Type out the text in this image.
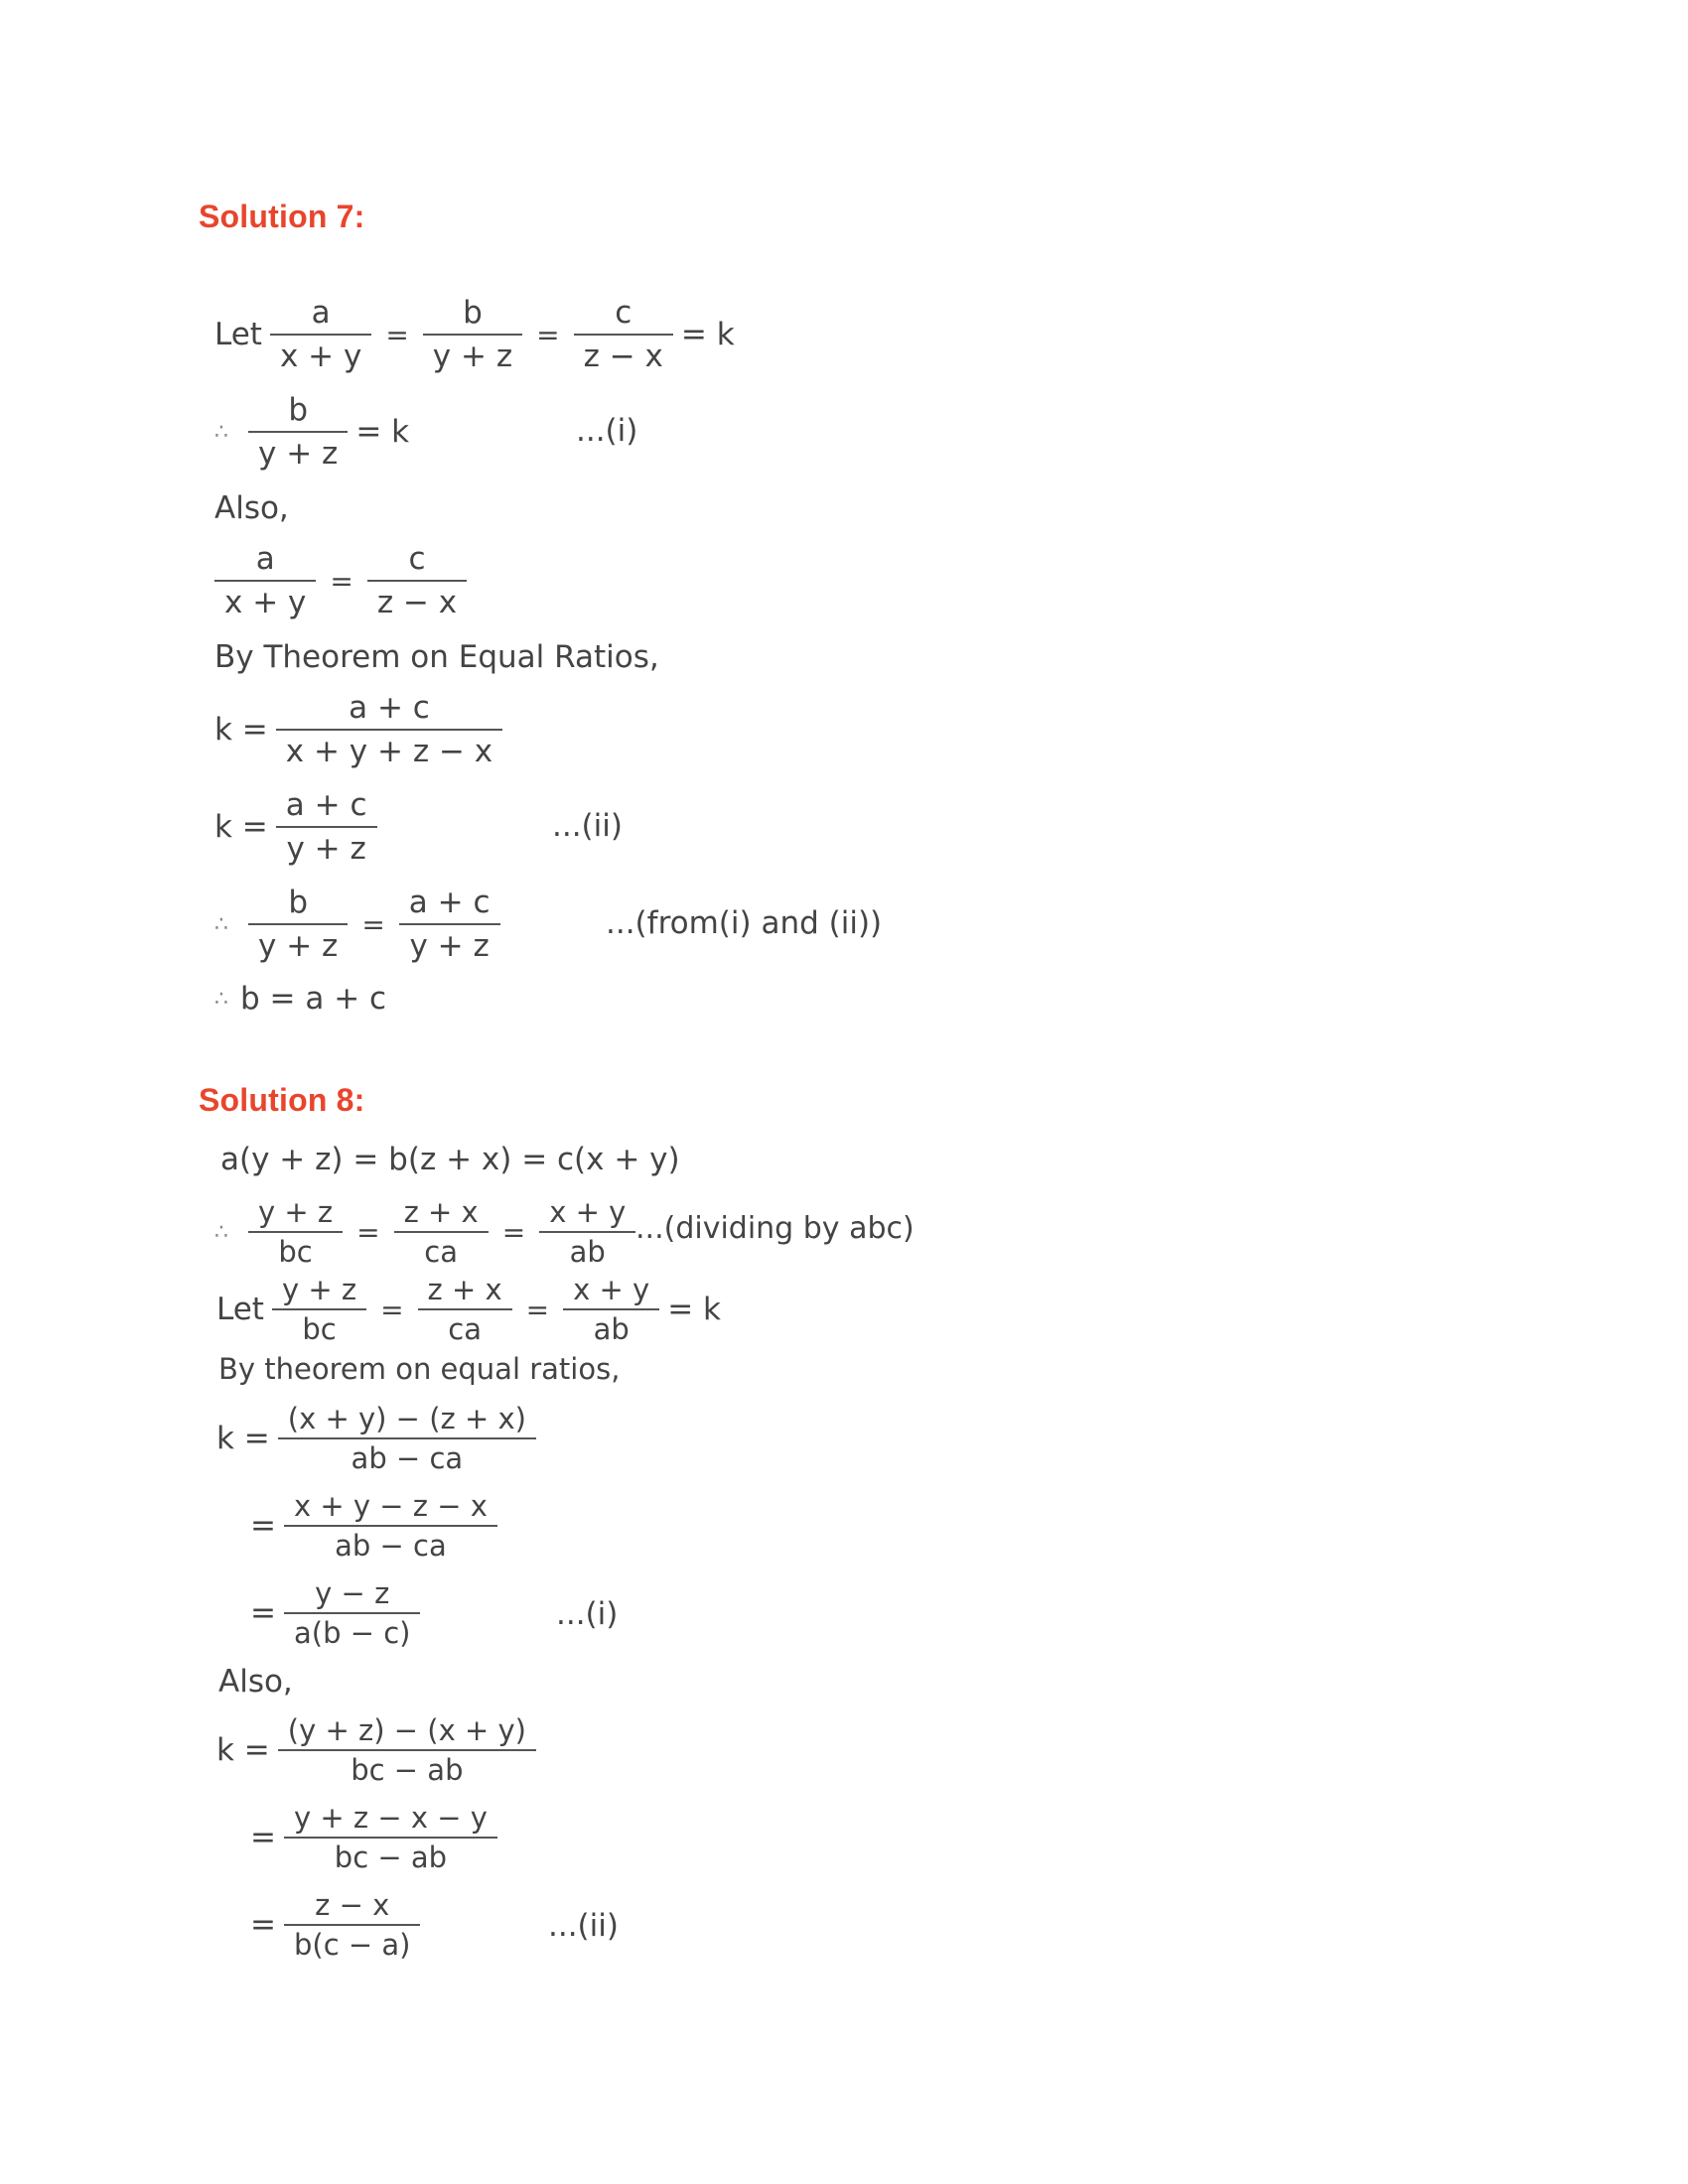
Solution 7:
Let $\frac{a}{x + y} = \frac{b}{y + z} = \frac{c}{z - x} = k$
∴ $\frac{b}{y + z} = k$	...(i)
Also,
$\frac{a}{x + y} = \frac{c}{z - x}$
By Theorem on Equal Ratios,
$k = \frac{a + c}{x + y + z - x}$
$k = \frac{a + c}{y + z}$	...(ii)
∴ $\frac{b}{y + z} = \frac{a + c}{y + z}$	...(from(i) and (ii))
∴ b = a + c
Solution 8:
a(y + z) = b(z + x) = c(x + y)
∴ $\frac{y + z}{bc} = \frac{z + x}{ca} = \frac{x + y}{ab}$ ...(dividing by abc)
Let $\frac{y + z}{bc} = \frac{z + x}{ca} = \frac{x + y}{ab} = k$
By theorem on equal ratios,
$k = \frac{(x + y) - (z + x)}{ab - ca}$
= $\frac{x + y - z - x}{ab - ca}$
= $\frac{y - z}{a(b - c)}$	...(i)
Also,
$k = \frac{(y + z) - (x + y)}{bc - ab}$
= $\frac{y + z - x - y}{bc - ab}$
= $\frac{z - x}{b(c - a)}$	...(ii)
